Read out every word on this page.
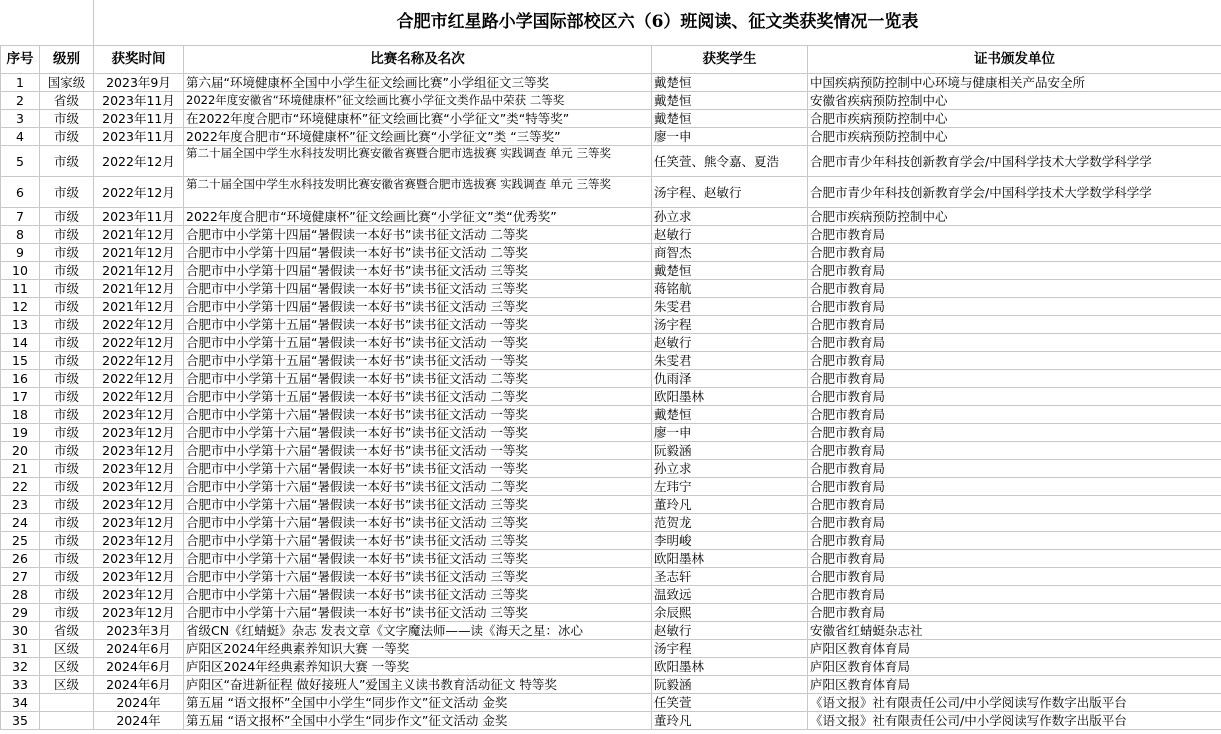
合肥市红星路小学国际部校区六（6）班阅读、征文类获奖情况一览表
序号	级别	获奖时间	比赛名称及名次	获奖学生	证书颁发单位
1	国家级	2023年9月	第六届“环境健康杯全国中小学生征文绘画比赛”小学组征文三等奖	戴楚恒	中国疾病预防控制中心环境与健康相关产品安全所
2	省级	2023年11月	2022年度安徽省“环境健康杯”征文绘画比赛小学征文类作品中荣获 二等奖	戴楚恒	安徽省疾病预防控制中心
3	市级	2023年11月	在2022年度合肥市“环境健康杯”征文绘画比赛“小学征文”类“特等奖”	戴楚恒	合肥市疾病预防控制中心
4	市级	2023年11月	2022年度合肥市“环境健康杯”征文绘画比赛“小学征文”类 “三等奖”	廖一申	合肥市疾病预防控制中心
5	市级	2022年12月	第二十届全国中学生水科技发明比赛安徽省赛暨合肥市选拔赛 实践调查 单元 三等奖	任笑萱、熊令嘉、夏浩	合肥市青少年科技创新教育学会/中国科学技术大学数学科学学
6	市级	2022年12月	第二十届全国中学生水科技发明比赛安徽省赛暨合肥市选拔赛 实践调查 单元 三等奖	汤宇程、赵敏行	合肥市青少年科技创新教育学会/中国科学技术大学数学科学学
7	市级	2023年11月	2022年度合肥市“环境健康杯”征文绘画比赛“小学征文”类“优秀奖”	孙立求	合肥市疾病预防控制中心
8	市级	2021年12月	合肥市中小学第十四届“暑假读一本好书”读书征文活动 二等奖	赵敏行	合肥市教育局
9	市级	2021年12月	合肥市中小学第十四届“暑假读一本好书”读书征文活动 二等奖	商智杰	合肥市教育局
10	市级	2021年12月	合肥市中小学第十四届“暑假读一本好书”读书征文活动 三等奖	戴楚恒	合肥市教育局
11	市级	2021年12月	合肥市中小学第十四届“暑假读一本好书”读书征文活动 三等奖	蒋铭航	合肥市教育局
12	市级	2021年12月	合肥市中小学第十四届“暑假读一本好书”读书征文活动 三等奖	朱雯君	合肥市教育局
13	市级	2022年12月	合肥市中小学第十五届“暑假读一本好书”读书征文活动 一等奖	汤宇程	合肥市教育局
14	市级	2022年12月	合肥市中小学第十五届“暑假读一本好书”读书征文活动 一等奖	赵敏行	合肥市教育局
15	市级	2022年12月	合肥市中小学第十五届“暑假读一本好书”读书征文活动 一等奖	朱雯君	合肥市教育局
16	市级	2022年12月	合肥市中小学第十五届“暑假读一本好书”读书征文活动 二等奖	仇雨泽	合肥市教育局
17	市级	2022年12月	合肥市中小学第十五届“暑假读一本好书”读书征文活动 二等奖	欧阳墨林	合肥市教育局
18	市级	2023年12月	合肥市中小学第十六届“暑假读一本好书”读书征文活动 一等奖	戴楚恒	合肥市教育局
19	市级	2023年12月	合肥市中小学第十六届“暑假读一本好书”读书征文活动 一等奖	廖一申	合肥市教育局
20	市级	2023年12月	合肥市中小学第十六届“暑假读一本好书”读书征文活动 一等奖	阮毅涵	合肥市教育局
21	市级	2023年12月	合肥市中小学第十六届“暑假读一本好书”读书征文活动 一等奖	孙立求	合肥市教育局
22	市级	2023年12月	合肥市中小学第十六届“暑假读一本好书”读书征文活动 二等奖	左玮宁	合肥市教育局
23	市级	2023年12月	合肥市中小学第十六届“暑假读一本好书”读书征文活动 三等奖	董玲凡	合肥市教育局
24	市级	2023年12月	合肥市中小学第十六届“暑假读一本好书”读书征文活动 三等奖	范贺龙	合肥市教育局
25	市级	2023年12月	合肥市中小学第十六届“暑假读一本好书”读书征文活动 三等奖	李明峻	合肥市教育局
26	市级	2023年12月	合肥市中小学第十六届“暑假读一本好书”读书征文活动 三等奖	欧阳墨林	合肥市教育局
27	市级	2023年12月	合肥市中小学第十六届“暑假读一本好书”读书征文活动 三等奖	圣志轩	合肥市教育局
28	市级	2023年12月	合肥市中小学第十六届“暑假读一本好书”读书征文活动 三等奖	温致远	合肥市教育局
29	市级	2023年12月	合肥市中小学第十六届“暑假读一本好书”读书征文活动 三等奖	余辰熙	合肥市教育局
30	省级	2023年3月	省级CN《红蜻蜓》杂志 发表文章《文字魔法师——读《海天之星：冰心	赵敏行	安徽省红蜻蜓杂志社
31	区级	2024年6月	庐阳区2024年经典素养知识大赛 一等奖	汤宇程	庐阳区教育体育局
32	区级	2024年6月	庐阳区2024年经典素养知识大赛 一等奖	欧阳墨林	庐阳区教育体育局
33	区级	2024年6月	庐阳区“奋进新征程 做好接班人”爱国主义读书教育活动征文 特等奖	阮毅涵	庐阳区教育体育局
34		2024年	第五届 “语文报杯”全国中小学生“同步作文”征文活动 金奖	任笑萱	《语文报》社有限责任公司/中小学阅读写作数字出版平台
35		2024年	第五届 “语文报杯”全国中小学生“同步作文”征文活动 金奖	董玲凡	《语文报》社有限责任公司/中小学阅读写作数字出版平台
